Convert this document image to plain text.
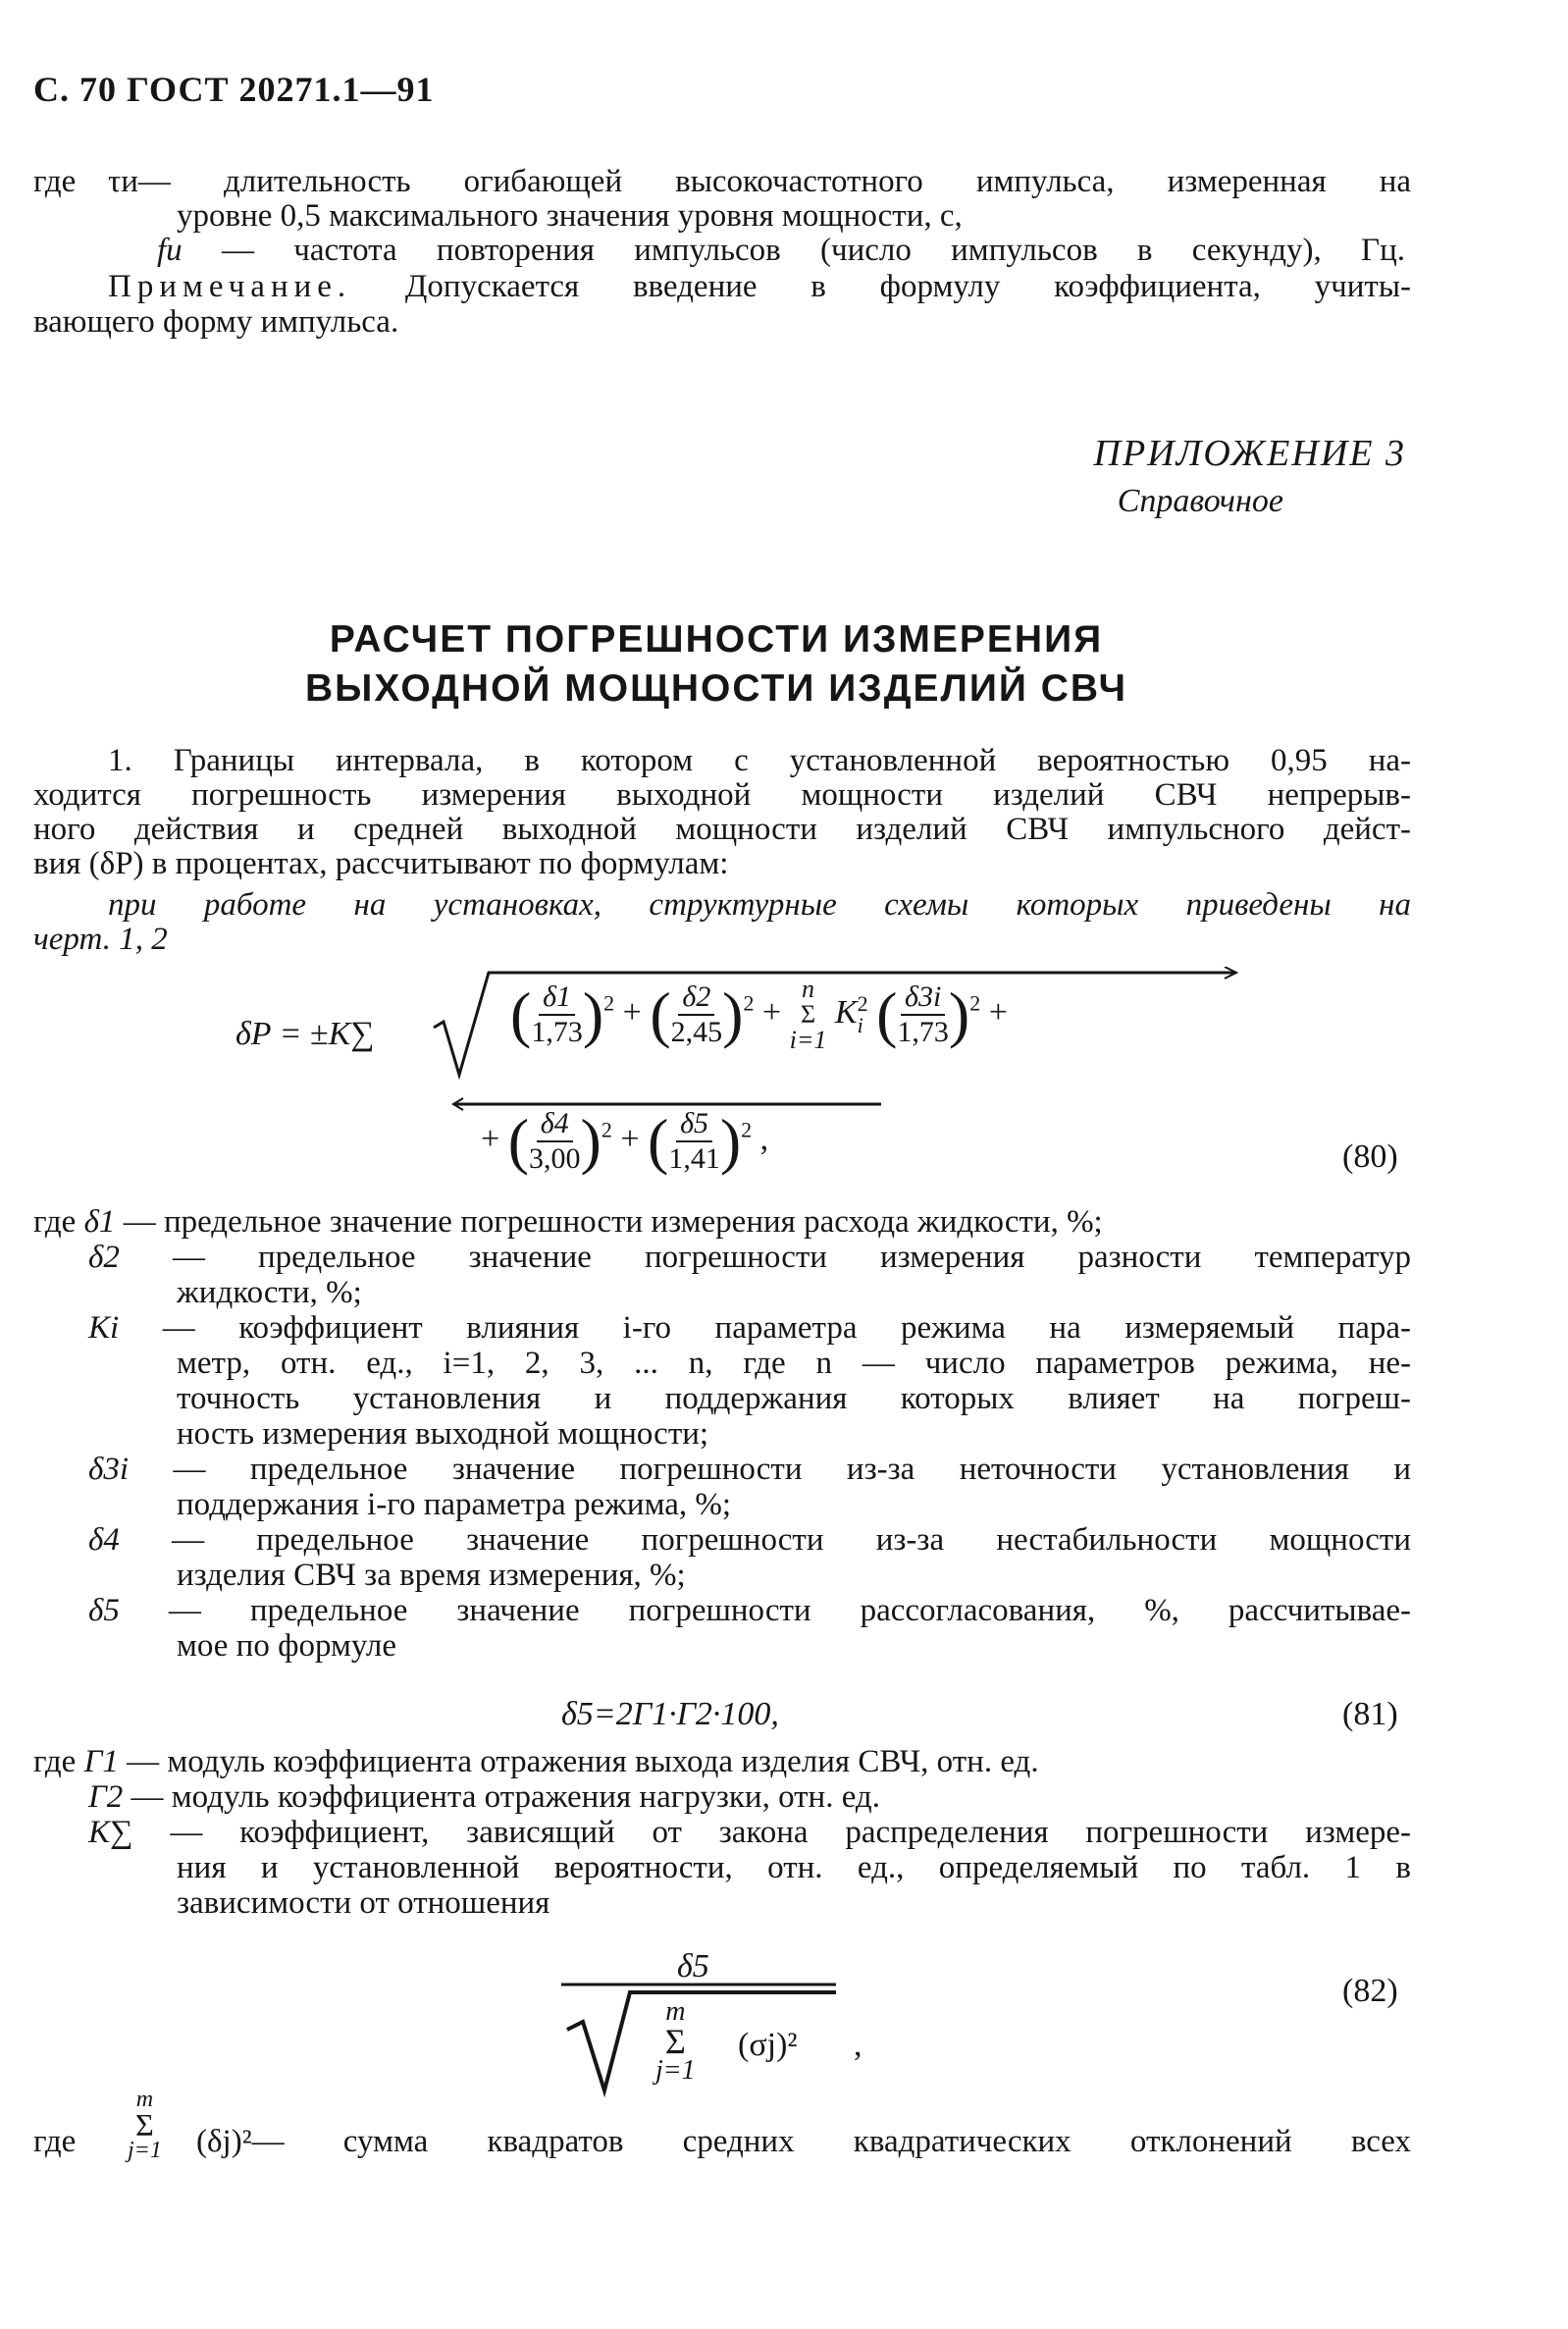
С. 70 ГОСТ 20271.1—91
где τи— длительность огибающей высокочастотного импульса, измеренная на
уровне 0,5 максимального значения уровня мощности, с,
fи — частота повторения импульсов (число импульсов в секунду), Гц.
Примечание. Допускается введение в формулу коэффициента, учиты-
вающего форму импульса.
ПРИЛОЖЕНИЕ 3
Справочное
РАСЧЕТ ПОГРЕШНОСТИ ИЗМЕРЕНИЯ
ВЫХОДНОЙ МОЩНОСТИ ИЗДЕЛИЙ СВЧ
1. Границы интервала, в котором с установленной вероятностью 0,95 на-
ходится погрешность измерения выходной мощности изделий СВЧ непрерыв-
ного действия и средней выходной мощности изделий СВЧ импульсного дейст-
вия (δP) в процентах, рассчитывают по формулам:
при работе на установках, структурные схемы которых приведены на
черт. 1, 2
δP = ±K∑ ( $\frac{\delta 1}{1,73} )^2$ + ( $\frac{\delta 2}{2,45} )^2$ +
n
Σ
i=1
K 2
i ( $\frac{\delta 3i}{1,73} )^2$ +
+ ( $\frac{\delta 4}{3,00} )^2$ + ( $\frac{\delta 5}{1,41} )^2$ ,	(80)
где δ1 — предельное значение погрешности измерения расхода жидкости, %;
δ2 — предельное значение погрешности измерения разности температур
жидкости, %;
Ki — коэффициент влияния i-го параметра режима на измеряемый пара-
метр, отн. ед., i=1, 2, 3, ... n, где n — число параметров режима, не-
точность установления и поддержания которых влияет на погреш-
ность измерения выходной мощности;
δ3i — предельное значение погрешности из-за неточности установления и
поддержания i-го параметра режима, %;
δ4 — предельное значение погрешности из-за нестабильности мощности
изделия СВЧ за время измерения, %;
δ5 — предельное значение погрешности рассогласования, %, рассчитывае-
мое по формуле
δ5=2Г1·Г2·100,	(81)
где Г1 — модуль коэффициента отражения выхода изделия СВЧ, отн. ед.
Г2 — модуль коэффициента отражения нагрузки, отн. ед.
K∑ — коэффициент, зависящий от закона распределения погрешности измере-
ния и установленной вероятности, отн. ед., определяемый по табл. 1 в
зависимости от отношения
δ5
m
Σ
j=1
(σj)² ,
(82)
где
m
Σ
j=1 (δj)²— сумма квадратов средних квадратических отклонений всех
